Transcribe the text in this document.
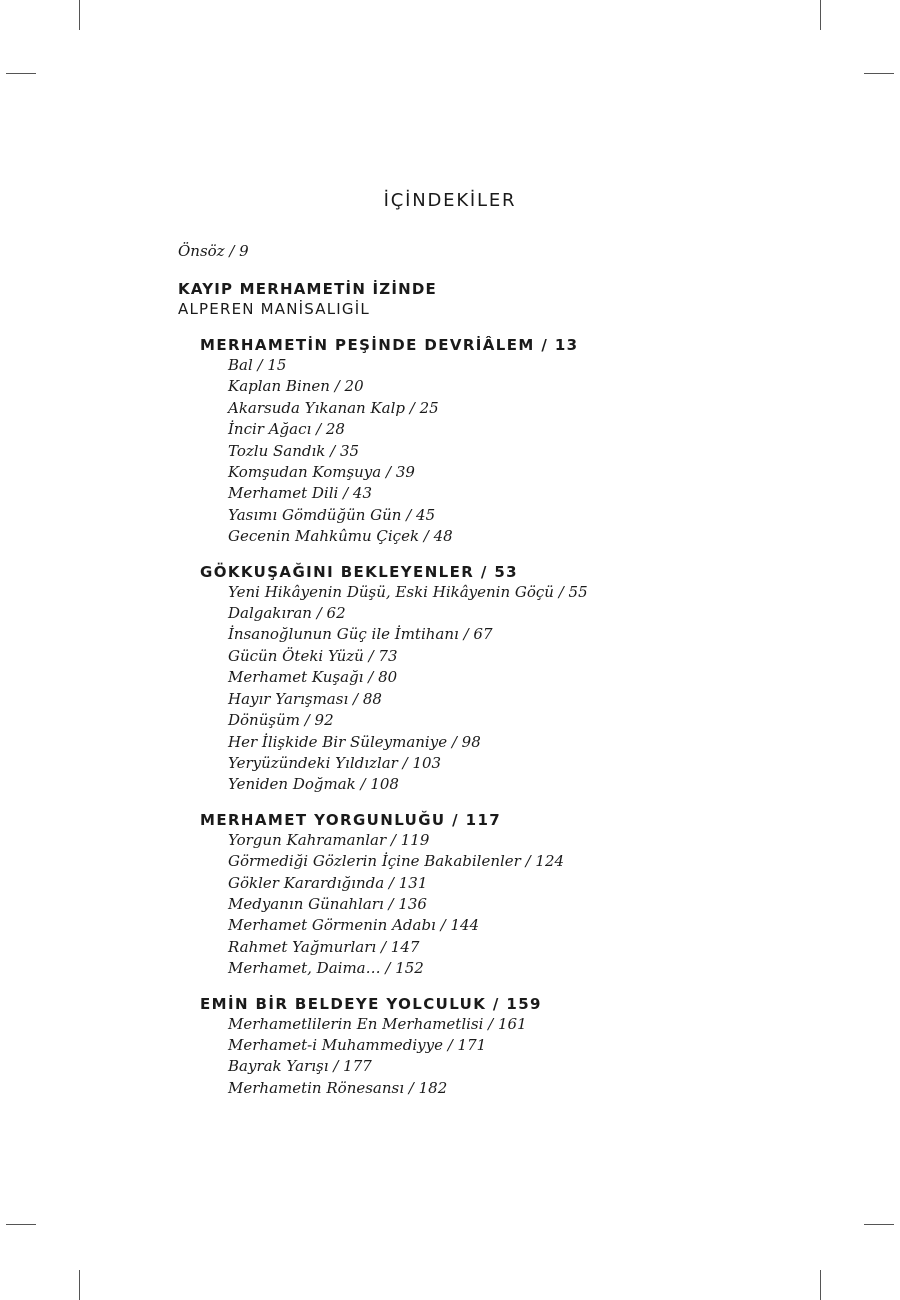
İÇİNDEKİLER

Önsöz / 9

KAYIP MERHAMETİN İZİNDE

ALPEREN MANİSALIGİL

MERHAMETİN PEŞİNDE DEVRİÂLEM / 13

Bal / 15
Kaplan Binen / 20
Akarsuda Yıkanan Kalp / 25
İncir Ağacı / 28
Tozlu Sandık / 35
Komşudan Komşuya / 39
Merhamet Dili / 43
Yasımı Gömdüğün Gün / 45
Gecenin Mahkûmu Çiçek / 48

GÖKKUŞAĞINI BEKLEYENLER / 53

Yeni Hikâyenin Düşü, Eski Hikâyenin Göçü / 55
Dalgakıran / 62
İnsanoğlunun Güç ile İmtihanı / 67
Gücün Öteki Yüzü / 73
Merhamet Kuşağı / 80
Hayır Yarışması / 88
Dönüşüm / 92
Her İlişkide Bir Süleymaniye / 98
Yeryüzündeki Yıldızlar / 103
Yeniden Doğmak / 108

MERHAMET YORGUNLUĞU / 117

Yorgun Kahramanlar / 119
Görmediği Gözlerin İçine Bakabilenler / 124
Gökler Karardığında / 131
Medyanın Günahları / 136
Merhamet Görmenin Adabı / 144
Rahmet Yağmurları / 147
Merhamet, Daima… / 152

EMİN BİR BELDEYE YOLCULUK / 159

Merhametlilerin En Merhametlisi / 161
Merhamet-i Muhammediyye / 171
Bayrak Yarışı / 177
Merhametin Rönesansı / 182
